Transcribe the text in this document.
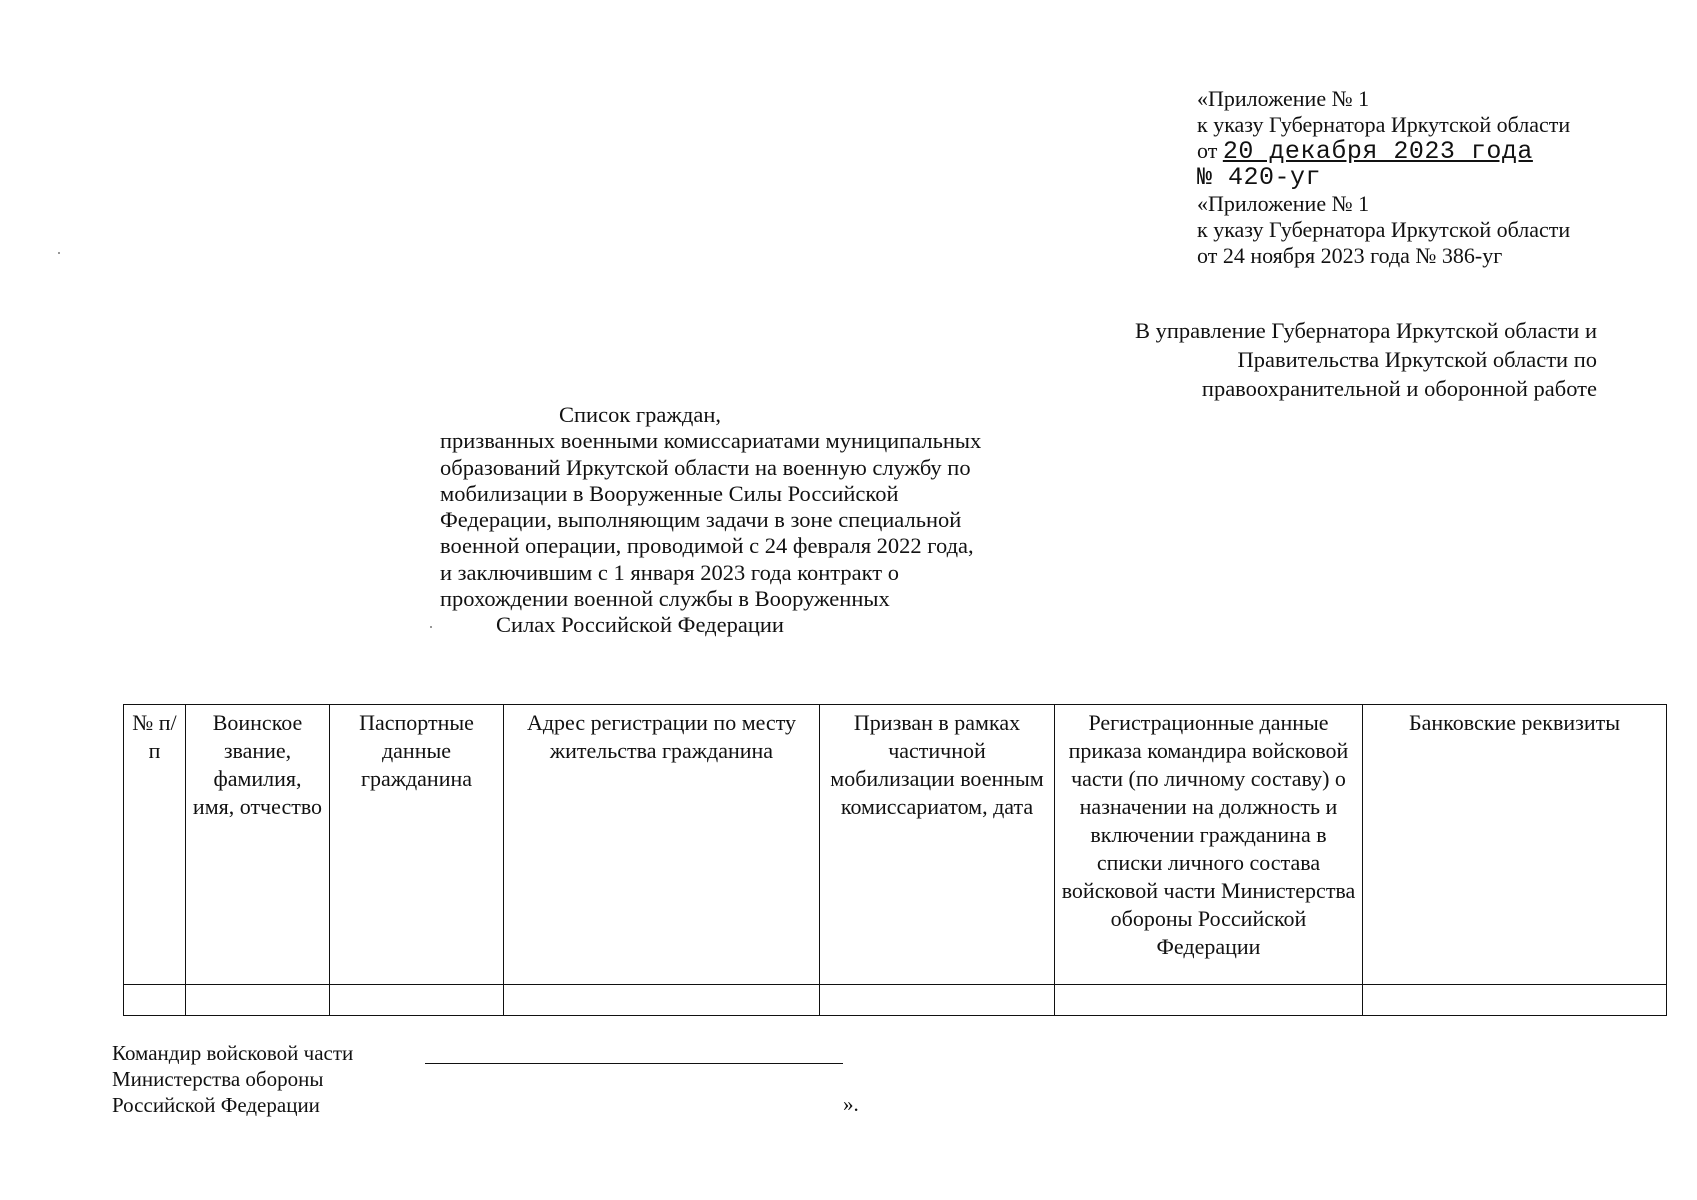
«Приложение № 1
к указу Губернатора Иркутской области
от 20 декабря 2023 года
№ 420-уг
«Приложение № 1
к указу Губернатора Иркутской области
от 24 ноября 2023 года № 386-уг
В управление Губернатора Иркутской области и
Правительства Иркутской области по
правоохранительной и оборонной работе
Список граждан,
призванных военными комиссариатами муниципальных
образований Иркутской области на военную службу по
мобилизации в Вооруженные Силы Российской
Федерации, выполняющим задачи в зоне специальной
военной операции, проводимой с 24 февраля 2022 года,
и заключившим с 1 января 2023 года контракт о
прохождении военной службы в Вооруженных
Силах Российской Федерации
№ п/п	Воинское звание, фамилия, имя, отчество	Паспортные данные гражданина	Адрес регистрации по месту жительства гражданина	Призван в рамках частичной мобилизации военным комиссариатом, дата	Регистрационные данные приказа командира войсковой части (по личному составу) о назначении на должность и включении гражданина в списки личного состава войсковой части Министерства обороны Российской Федерации	Банковские реквизиты

Командир войсковой части
Министерства обороны
Российской Федерации	».
